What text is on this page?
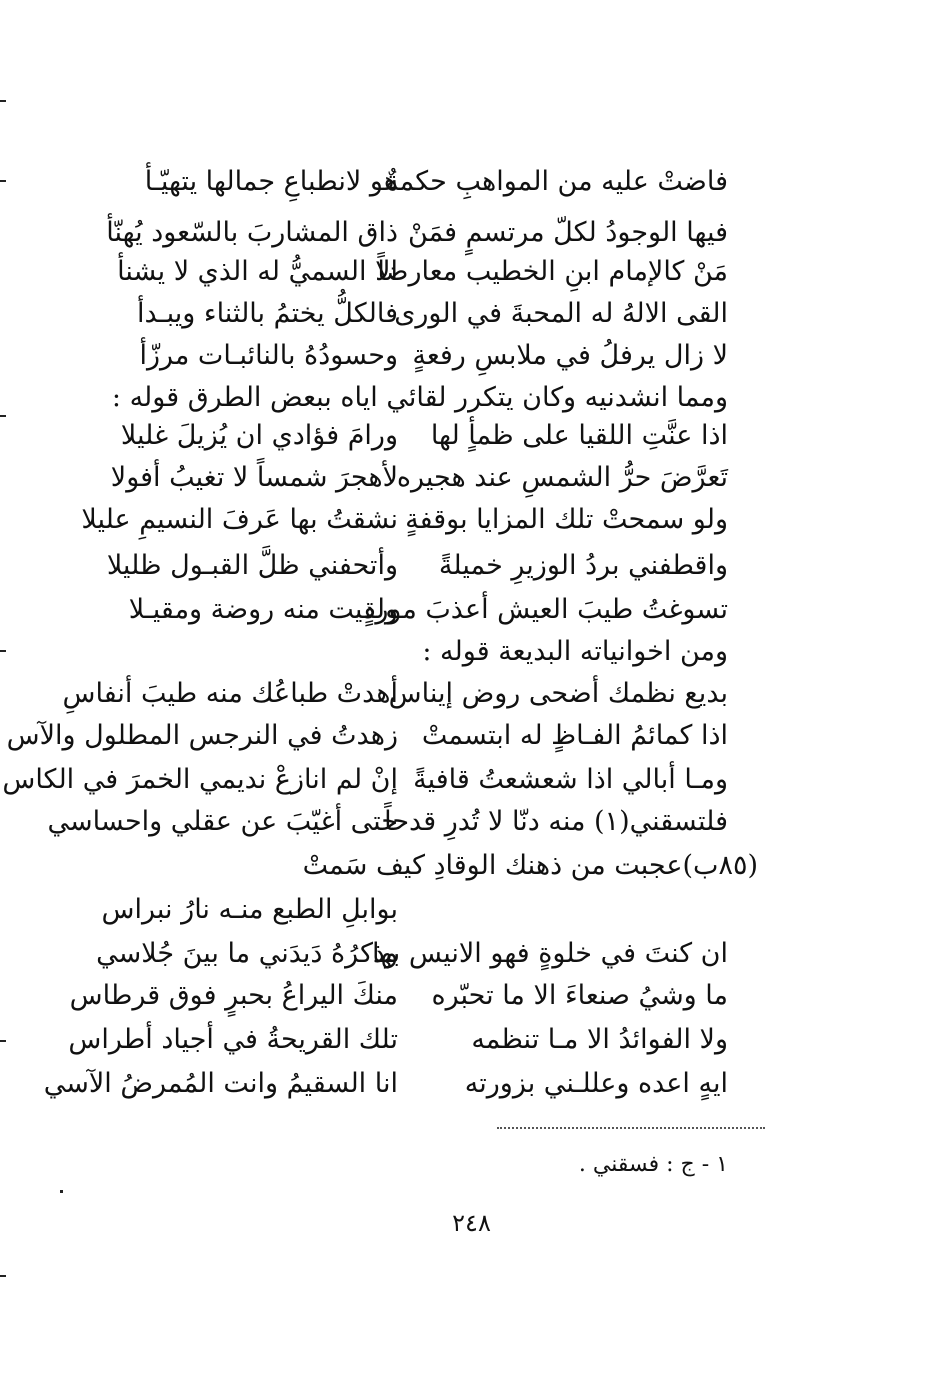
فاضتْ عليه من المواهبِ حكمةٌ
هو لانطباعِ جمالها يتهيّـأ
فيها الوجودُ لكلّ مرتسمٍ فمَنْ
ذاق المشاربَ بالسّعود يُهنّأ
مَنْ كالإمام ابنِ الخطيب معارضاً
الا السميُّ له الذي لا يشنأ
القى الالهُ له المحبةَ في الورى
فالكلُّ يختمُ بالثناء ويبـدأ
لا زال يرفلُ في ملابسِ رفعةٍ
وحسودُهُ بالنائبـات مرزّأ
ومما انشدنيه وكان يتكرر لقائي اياه ببعض الطرق قوله :
اذا عنَّتِ اللقيا على ظمأٍ لها
ورامَ فؤادي ان يُزيلَ غليلا
تَعرَّضَ حرُّ الشمسِ عند هجيره
لأهجرَ شمساً لا تغيبُ أفولا
ولو سمحتْ تلك المزايا بوقفةٍ
نشقتُ بها عَرفَ النسيمِ عليلا
واقطفني بردُ الوزيرِ خميلةً
وأتحفني ظلَّ القبـول ظليلا
تسوغتُ طيبَ العيش أعذبَ موردٍ
ولقيت منه روضة ومقيـلا
ومن اخوانياته البديعة قوله :
بديع نظمك أضحى روض إيناس
أهدتْ طباعُك منه طيبَ أنفاسِ
اذا كمائمُ الفـاظٍ له ابتسمتْ
زهدتُ في النرجس المطلول والآس
ومـا أبالي اذا شعشعتُ قافيةً
إنْ لم انازعْ نديمي الخمرَ في الكاس
فلتسقني(١) منه دنّا لا تُدرِ قدحاً
حتى أغيّبَ عن عقلي واحساسي
(٨٥ب)عجبت من ذهنك الوقادِ كيف سَمتْ
بوابلِ الطبع منـه نارُ نبراس
ان كنتَ في خلوةٍ فهو الانيس بها
وذكرُهُ دَيدَني ما بينَ جُلاسي
ما وشيُ صنعاءَ الا ما تحبّره
منكَ اليراعُ بحبرٍ فوق قرطاس
ولا الفوائدُ الا مـا تنظمه
تلك القريحةُ في أجياد أطراس
ايهٍ اعده وعللـني بزورته
انا السقيمُ وانت المُمرضُ الآسي
١ - ج : فسقني .
٢٤٨
